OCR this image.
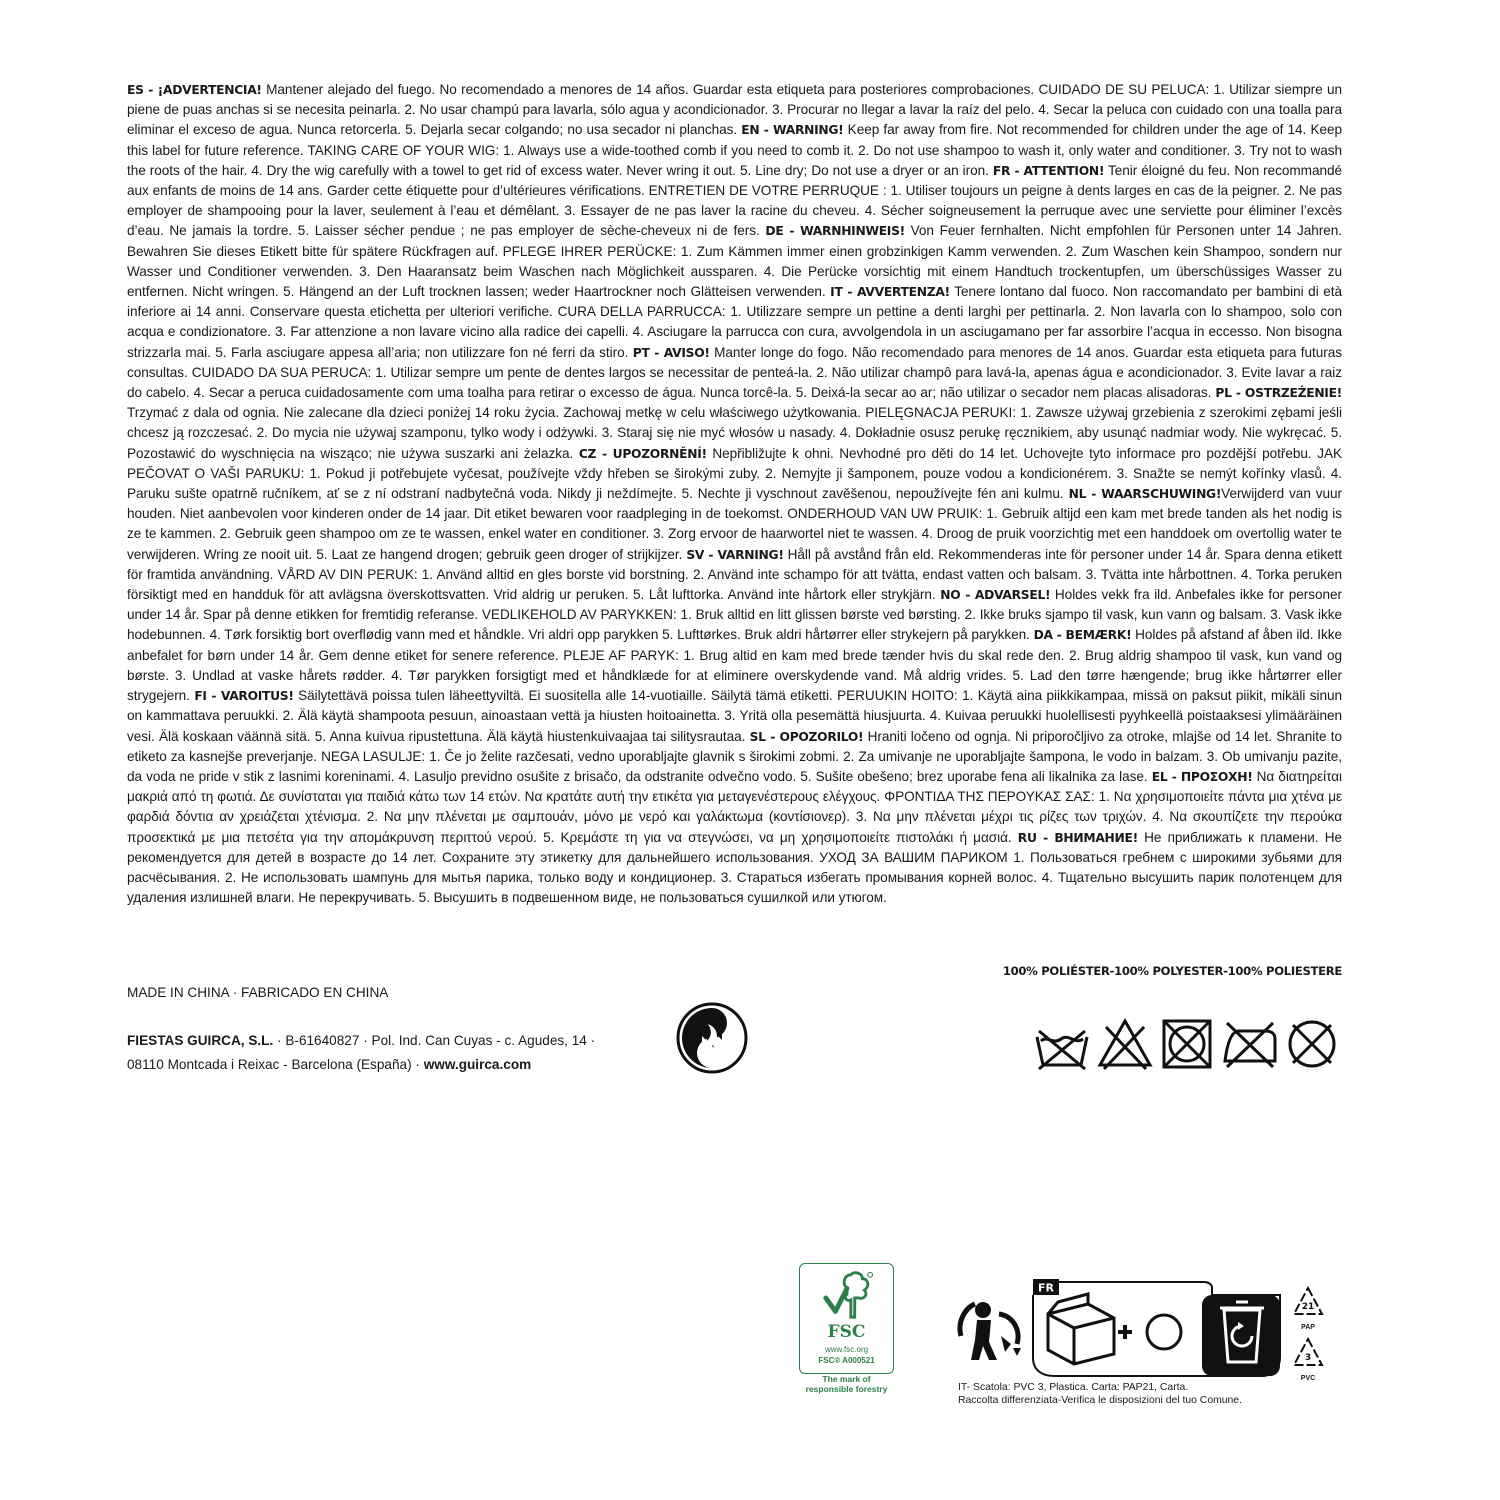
ES - ¡ADVERTENCIA! Mantener alejado del fuego. No recomendado a menores de 14 años. Guardar esta etiqueta para posteriores comprobaciones. CUIDADO DE SU PELUCA: 1. Utilizar siempre un piene de puas anchas si se necesita peinarla. 2. No usar champú para lavarla, sólo agua y acondicionador. 3. Procurar no llegar a lavar la raíz del pelo. 4. Secar la peluca con cuidado con una toalla para eliminar el exceso de agua. Nunca retorcerla. 5. Dejarla secar colgando; no usa secador ni planchas. EN - WARNING! Keep far away from fire. Not recommended for children under the age of 14. Keep this label for future reference. TAKING CARE OF YOUR WIG: 1. Always use a wide-toothed comb if you need to comb it. 2. Do not use shampoo to wash it, only water and conditioner. 3. Try not to wash the roots of the hair. 4. Dry the wig carefully with a towel to get rid of excess water. Never wring it out. 5. Line dry; Do not use a dryer or an iron. FR - ATTENTION! Tenir éloigné du feu. Non recommandé aux enfants de moins de 14 ans. Garder cette étiquette pour d’ultérieures vérifications. ENTRETIEN DE VOTRE PERRUQUE : 1. Utiliser toujours un peigne à dents larges en cas de la peigner. 2. Ne pas employer de shampooing pour la laver, seulement à l’eau et démêlant. 3. Essayer de ne pas laver la racine du cheveu. 4. Sécher soigneusement la perruque avec une serviette pour éliminer l’excès d’eau. Ne jamais la tordre. 5. Laisser sécher pendue ; ne pas employer de sèche-cheveux ni de fers. DE - WARNHINWEIS! Von Feuer fernhalten. Nicht empfohlen für Personen unter 14 Jahren. Bewahren Sie dieses Etikett bitte für spätere Rückfragen auf. PFLEGE IHRER PERÜCKE: 1. Zum Kämmen immer einen grobzinkigen Kamm verwenden. 2. Zum Waschen kein Shampoo, sondern nur Wasser und Conditioner verwenden. 3. Den Haaransatz beim Waschen nach Möglichkeit aussparen. 4. Die Perücke vorsichtig mit einem Handtuch trockentupfen, um überschüssiges Wasser zu entfernen. Nicht wringen. 5. Hängend an der Luft trocknen lassen; weder Haartrockner noch Glätteisen verwenden. IT - AVVERTENZA! Tenere lontano dal fuoco. Non raccomandato per bambini di età inferiore ai 14 anni. Conservare questa etichetta per ulteriori verifiche. CURA DELLA PARRUCCA: 1. Utilizzare sempre un pettine a denti larghi per pettinarla. 2. Non lavarla con lo shampoo, solo con acqua e condizionatore. 3. Far attenzione a non lavare vicino alla radice dei capelli. 4. Asciugare la parrucca con cura, avvolgendola in un asciugamano per far assorbire l’acqua in eccesso. Non bisogna strizzarla mai. 5. Farla asciugare appesa all’aria; non utilizzare fon né ferri da stiro. PT - AVISO! Manter longe do fogo. Não recomendado para menores de 14 anos. Guardar esta etiqueta para futuras consultas. CUIDADO DA SUA PERUCA: 1. Utilizar sempre um pente de dentes largos se necessitar de penteá-la. 2. Não utilizar champô para lavá-la, apenas água e acondicionador. 3. Evite lavar a raiz do cabelo. 4. Secar a peruca cuidadosamente com uma toalha para retirar o excesso de água. Nunca torcê-la. 5. Deixá-la secar ao ar; não utilizar o secador nem placas alisadoras. PL - OSTRZEŻENIE! Trzymać z dala od ognia. Nie zalecane dla dzieci poniżej 14 roku życia. Zachowaj metkę w celu właściwego użytkowania. PIELĘGNACJA PERUKI: 1. Zawsze używaj grzebienia z szerokimi zębami jeśli chcesz ją rozczesać. 2. Do mycia nie używaj szamponu, tylko wody i odżywki. 3. Staraj się nie myć włosów u nasady. 4. Dokładnie osusz perukę ręcznikiem, aby usunąć nadmiar wody. Nie wykręcać. 5. Pozostawić do wyschnięcia na wisząco; nie używa suszarki ani żelazka. CZ - UPOZORNĚNÍ! Nepřibližujte k ohni. Nevhodné pro děti do 14 let. Uchovejte tyto informace pro pozdější potřebu. JAK PEČOVAT O VAŠI PARUKU: 1. Pokud ji potřebujete vyčesat, používejte vždy hřeben se širokými zuby. 2. Nemyjte ji šamponem, pouze vodou a kondicionérem. 3. Snažte se nemýt kořínky vlasů. 4. Paruku sušte opatrně ručníkem, ať se z ní odstraní nadbytečná voda. Nikdy ji neždímejte. 5. Nechte ji vyschnout zavěšenou, nepoužívejte fén ani kulmu. NL - WAARSCHUWING!Verwijderd van vuur houden. Niet aanbevolen voor kinderen onder de 14 jaar. Dit etiket bewaren voor raadpleging in de toekomst. ONDERHOUD VAN UW PRUIK: 1. Gebruik altijd een kam met brede tanden als het nodig is ze te kammen. 2. Gebruik geen shampoo om ze te wassen, enkel water en conditioner. 3. Zorg ervoor de haarwortel niet te wassen. 4. Droog de pruik voorzichtig met een handdoek om overtollig water te verwijderen. Wring ze nooit uit. 5. Laat ze hangend drogen; gebruik geen droger of strijkijzer. SV - VARNING! Håll på avstånd från eld. Rekommenderas inte för personer under 14 år. Spara denna etikett för framtida användning. VÅRD AV DIN PERUK: 1. Använd alltid en gles borste vid borstning. 2. Använd inte schampo för att tvätta, endast vatten och balsam. 3. Tvätta inte hårbottnen. 4. Torka peruken försiktigt med en handduk för att avlägsna överskottsvatten. Vrid aldrig ur peruken. 5. Låt lufttorka. Använd inte hårtork eller strykjärn. NO - ADVARSEL! Holdes vekk fra ild. Anbefales ikke for personer under 14 år. Spar på denne etikken for fremtidig referanse. VEDLIKEHOLD AV PARYKKEN: 1. Bruk alltid en litt glissen børste ved børsting. 2. Ikke bruks sjampo til vask, kun vann og balsam. 3. Vask ikke hodebunnen. 4. Tørk forsiktig bort overflødig vann med et håndkle. Vri aldri opp parykken 5. Lufttørkes. Bruk aldri hårtørrer eller strykejern på parykken. DA - BEMÆRK! Holdes på afstand af åben ild. Ikke anbefalet for børn under 14 år. Gem denne etiket for senere reference. PLEJE AF PARYK: 1. Brug altid en kam med brede tænder hvis du skal rede den. 2. Brug aldrig shampoo til vask, kun vand og børste. 3. Undlad at vaske hårets rødder. 4. Tør parykken forsigtigt med et håndklæde for at eliminere overskydende vand. Må aldrig vrides. 5. Lad den tørre hængende; brug ikke hårtørrer eller strygejern. FI - VAROITUS! Säilytettävä poissa tulen läheettyviltä. Ei suositella alle 14-vuotiaille. Säilytä tämä etiketti. PERUUKIN HOITO: 1. Käytä aina piikkikampaa, missä on paksut piikit, mikäli sinun on kammattava peruukki. 2. Älä käytä shampoota pesuun, ainoastaan vettä ja hiusten hoitoainetta. 3. Yritä olla pesemättä hiusjuurta. 4. Kuivaa peruukki huolellisesti pyyhkeellä poistaaksesi ylimääräinen vesi. Älä koskaan väännä sitä. 5. Anna kuivua ripustettuna. Älä käytä hiustenkuivaajaa tai silitysrautaa. SL - OPOZORILO! Hraniti ločeno od ognja. Ni priporočljivo za otroke, mlajše od 14 let. Shranite to etiketo za kasnejše preverjanje. NEGA LASULJE: 1. Če jo želite razčesati, vedno uporabljajte glavnik s širokimi zobmi. 2. Za umivanje ne uporabljajte šampona, le vodo in balzam. 3. Ob umivanju pazite, da voda ne pride v stik z lasnimi koreninami. 4. Lasuljo previdno osušite z brisačo, da odstranite odvečno vodo. 5. Sušite obešeno; brez uporabe fena ali likalnika za lase. EL - ΠΡΟΣΟΧΗ! Να διατηρείται μακριά από τη φωτιά. Δε συνίσταται για παιδιά κάτω των 14 ετών. Να κρατάτε αυτή την ετικέτα για μεταγενέστερους ελέγχους. ΦΡΟΝΤΙΔΑ ΤΗΣ ΠΕΡΟΥΚΑΣ ΣΑΣ: 1. Να χρησιμοποιείτε πάντα μια χτένα με φαρδιά δόντια αν χρειάζεται χτένισμα. 2. Να μην πλένεται με σαμπουάν, μόνο με νερό και γαλάκτωμα (κοντίσιονερ). 3. Να μην πλένεται μέχρι τις ρίζες των τριχών. 4. Να σκουπίζετε την περούκα προσεκτικά με μια πετσέτα για την απομάκρυνση περιττού νερού. 5. Κρεμάστε τη για να στεγνώσει, να μη χρησιμοποιείτε πιστολάκι ή μασιά. RU - ВНИМАНИЕ! Не приближать к пламени. Не рекомендуется для детей в возрасте до 14 лет. Сохраните эту этикетку для дальнейшего использования. УХОД ЗА ВАШИМ ПАРИКОМ 1. Пользоваться гребнем с широкими зубьями для расчёсывания. 2. Не использовать шампунь для мытья парика, только воду и кондиционер. 3. Стараться избегать промывания корней волос. 4. Тщательно высушить парик полотенцем для удаления излишней влаги. Не перекручивать. 5. Высушить в подвешенном виде, не пользоваться сушилкой или утюгом.
100% POLIÉSTER-100% POLYESTER-100% POLIESTERE
MADE IN CHINA · FABRICADO EN CHINA
FIESTAS GUIRCA, S.L. · B-61640827 · Pol. Ind. Can Cuyas - c. Agudes, 14 ·
08110 Montcada i Reixac - Barcelona (España) · www.guirca.com
FSC
www.fsc.org
FSC® A000521
The mark of
responsible forestry
FR
21
PAP
3
PVC
IT- Scatola: PVC 3, Plastica. Carta: PAP21, Carta.
Raccolta differenziata-Verifica le disposizioni del tuo Comune.
